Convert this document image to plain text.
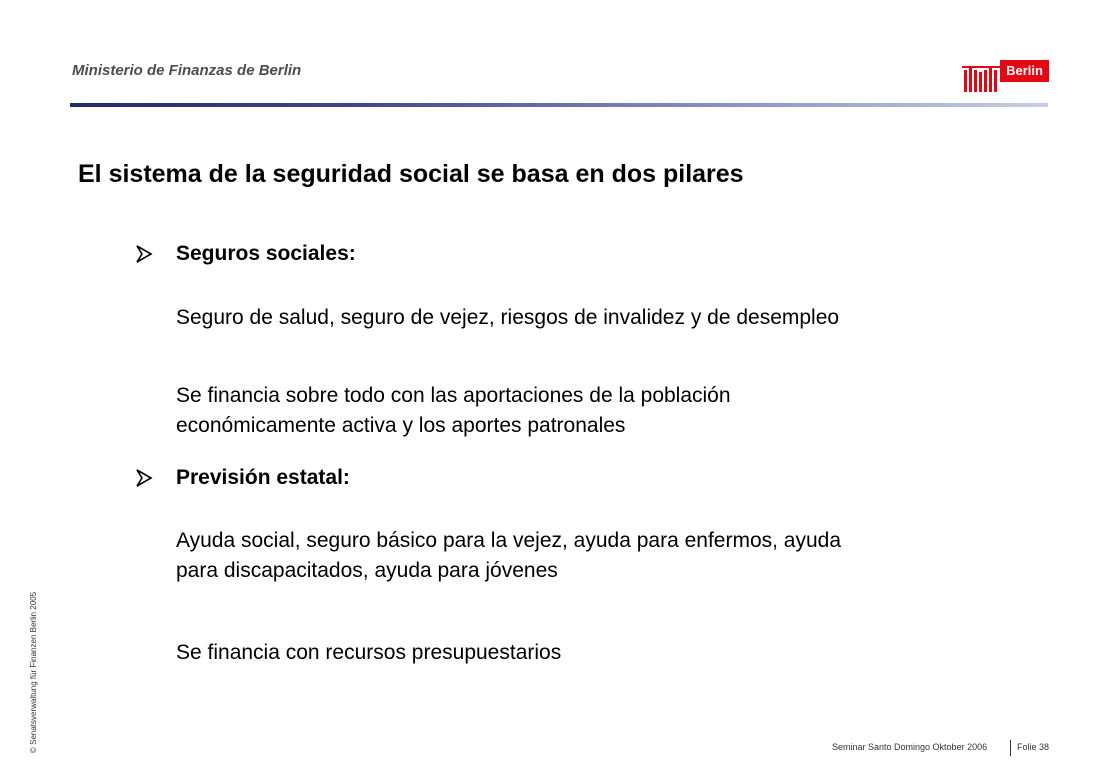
Ministerio de Finanzas de Berlin	Berlin
El sistema de la seguridad social se basa en dos pilares
Seguros sociales:
Seguro de salud, seguro de vejez, riesgos de invalidez y de desempleo
Se financia sobre todo con las aportaciones de la población
económicamente activa y los aportes patronales
Previsión estatal:
Ayuda social, seguro básico para la vejez, ayuda para enfermos, ayuda
para discapacitados, ayuda para jóvenes
Se financia con recursos presupuestarios
© Senatsverwaltung für Finanzen Berlin 2005	Seminar Santo Domingo Oktober 2006	Folie 38
